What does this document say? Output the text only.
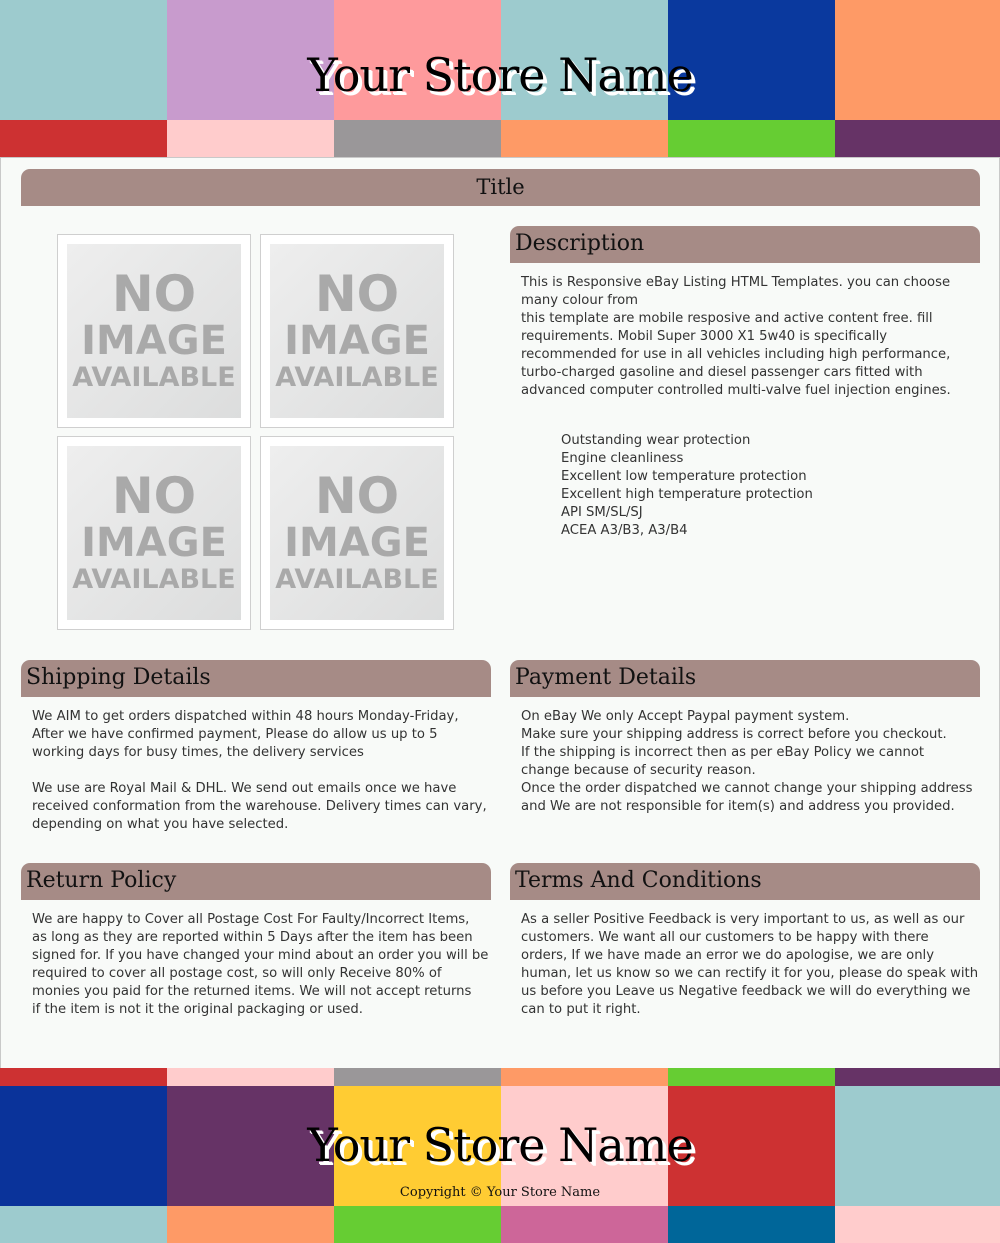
Your Store Name
Title
NO
IMAGE
AVAILABLE
NO
IMAGE
AVAILABLE
NO
IMAGE
AVAILABLE
NO
IMAGE
AVAILABLE
Description
This is Responsive eBay Listing HTML Templates. you can choose
many colour from
this template are mobile resposive and active content free. fill
requirements. Mobil Super 3000 X1 5w40 is specifically
recommended for use in all vehicles including high performance,
turbo-charged gasoline and diesel passenger cars fitted with
advanced computer controlled multi-valve fuel injection engines.
Outstanding wear protection
Engine cleanliness
Excellent low temperature protection
Excellent high temperature protection
API SM/SL/SJ
ACEA A3/B3, A3/B4
Shipping Details

We AIM to get orders dispatched within 48 hours Monday-Friday,
After we have confirmed payment, Please do allow us up to 5
working days for busy times, the delivery services

We use are Royal Mail & DHL. We send out emails once we have
received conformation from the warehouse. Delivery times can vary,
depending on what you have selected.

Payment Details
On eBay We only Accept Paypal payment system.
Make sure your shipping address is correct before you checkout.
If the shipping is incorrect then as per eBay Policy we cannot
change because of security reason.
Once the order dispatched we cannot change your shipping address
and We are not responsible for item(s) and address you provided.
Return Policy
We are happy to Cover all Postage Cost For Faulty/Incorrect Items,
as long as they are reported within 5 Days after the item has been
signed for. If you have changed your mind about an order you will be
required to cover all postage cost, so will only Receive 80% of
monies you paid for the returned items. We will not accept returns
if the item is not it the original packaging or used.
Terms And Conditions
As a seller Positive Feedback is very important to us, as well as our
customers. We want all our customers to be happy with there
orders, If we have made an error we do apologise, we are only
human, let us know so we can rectify it for you, please do speak with
us before you Leave us Negative feedback we will do everything we
can to put it right.
Your Store Name
Copyright © Your Store Name
